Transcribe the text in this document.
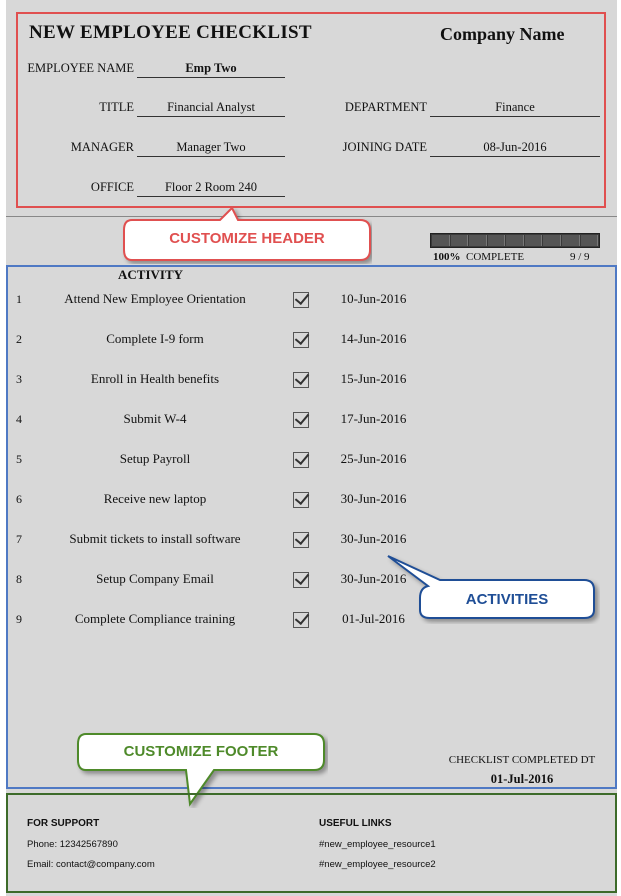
NEW EMPLOYEE CHECKLIST	Company Name
EMPLOYEE NAME	Emp Two
TITLE	Financial Analyst	DEPARTMENT	Finance
MANAGER	Manager Two	JOINING DATE	08-Jun-2016
OFFICE	Floor 2 Room 240
CUSTOMIZE HEADER
100% COMPLETE	9 / 9
ACTIVITY
1	Attend New Employee Orientation	10-Jun-2016
2	Complete I-9 form	14-Jun-2016
3	Enroll in Health benefits	15-Jun-2016
4	Submit W-4	17-Jun-2016
5	Setup Payroll	25-Jun-2016
6	Receive new laptop	30-Jun-2016
7	Submit tickets to install software	30-Jun-2016
8	Setup Company Email	30-Jun-2016
9	Complete Compliance training	01-Jul-2016
ACTIVITIES
CHECKLIST COMPLETED DT
01-Jul-2016
CUSTOMIZE FOOTER
FOR SUPPORT
Phone: 12342567890
Email: contact@company.com
USEFUL LINKS
#new_employee_resource1
#new_employee_resource2
